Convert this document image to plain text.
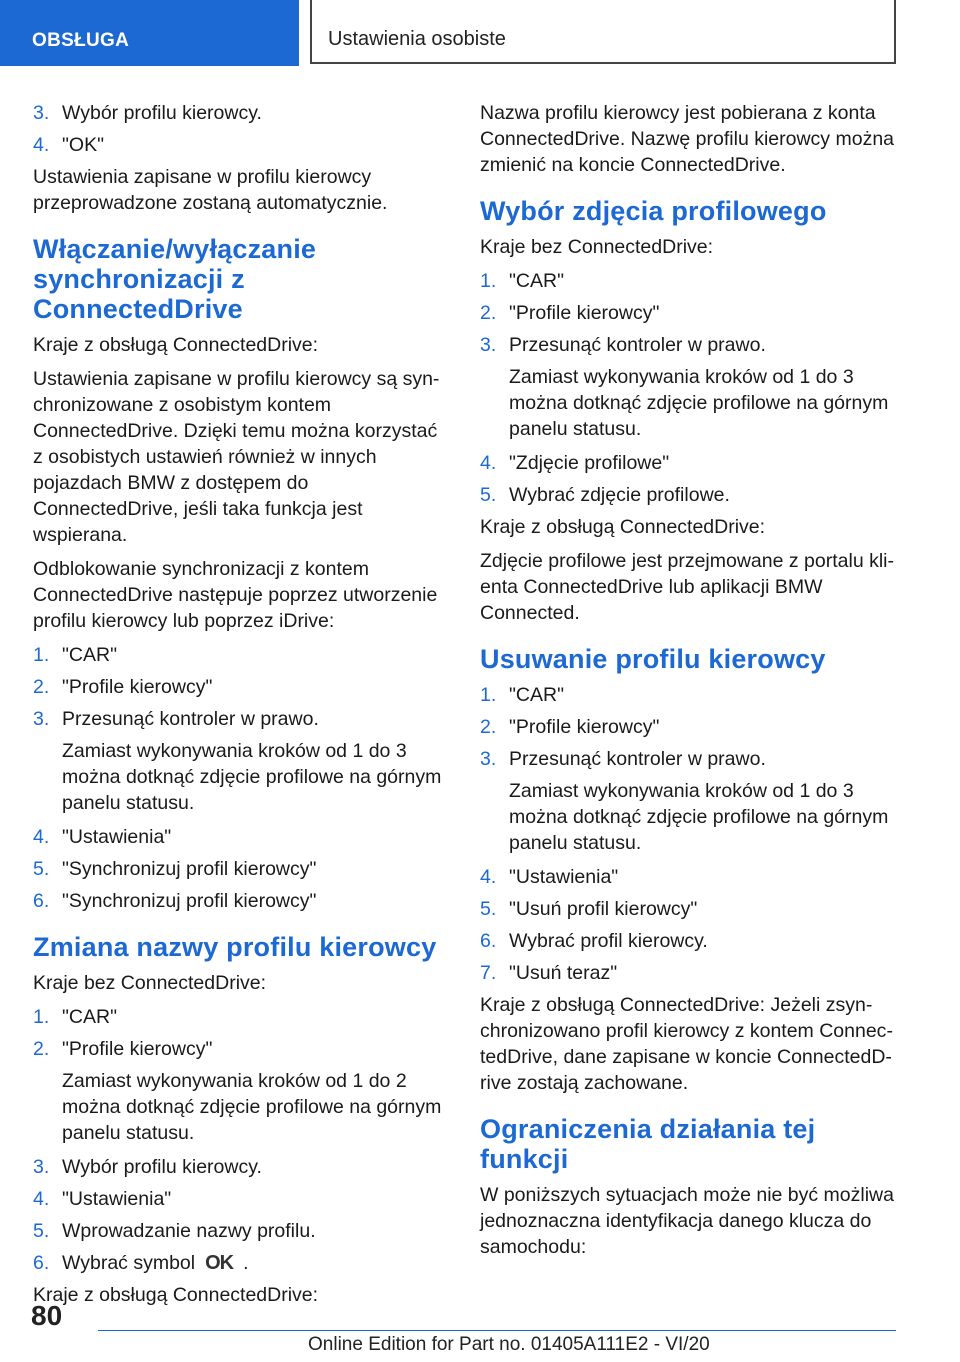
OBSŁUGA	Ustawienia osobiste
3. Wybór profilu kierowcy.
4. "OK"

Ustawienia zapisane w profilu kierowcy przeprowadzone zostaną automatycznie.

Włączanie/wyłączanie synchronizacji z ConnectedDrive

Kraje z obsługą ConnectedDrive:

Ustawienia zapisane w profilu kierowcy są synchronizowane z osobistym kontem ConnectedDrive. Dzięki temu można korzystać z osobistych ustawień również w innych pojazdach BMW z dostępem do ConnectedDrive, jeśli taka funkcja jest wspierana.

Odblokowanie synchronizacji z kontem ConnectedDrive następuje poprzez utworzenie profilu kierowcy lub poprzez iDrive:

1. "CAR"
2. "Profile kierowcy"
3. Przesunąć kontroler w prawo.

Zamiast wykonywania kroków od 1 do 3 można dotknąć zdjęcie profilowe na górnym panelu statusu.

4. "Ustawienia"
5. "Synchronizuj profil kierowcy"
6. "Synchronizuj profil kierowcy"
Zmiana nazwy profilu kierowcy

Kraje bez ConnectedDrive:

1. "CAR"
2. "Profile kierowcy"

Zamiast wykonywania kroków od 1 do 2 można dotknąć zdjęcie profilowe na górnym panelu statusu.

3. Wybór profilu kierowcy.
4. "Ustawienia"
5. Wprowadzanie nazwy profilu.
6. Wybrać symbol OK .

Kraje z obsługą ConnectedDrive:

Nazwa profilu kierowcy jest pobierana z konta ConnectedDrive. Nazwę profilu kierowcy można zmienić na koncie ConnectedDrive.

Wybór zdjęcia profilowego

Kraje bez ConnectedDrive:

1. "CAR"
2. "Profile kierowcy"
3. Przesunąć kontroler w prawo.

Zamiast wykonywania kroków od 1 do 3 można dotknąć zdjęcie profilowe na górnym panelu statusu.

4. "Zdjęcie profilowe"
5. Wybrać zdjęcie profilowe.

Kraje z obsługą ConnectedDrive:

Zdjęcie profilowe jest przejmowane z portalu klienta ConnectedDrive lub aplikacji BMW Connected.

Usuwanie profilu kierowcy
1. "CAR"
2. "Profile kierowcy"
3. Przesunąć kontroler w prawo.

Zamiast wykonywania kroków od 1 do 3 można dotknąć zdjęcie profilowe na górnym panelu statusu.

4. "Ustawienia"
5. "Usuń profil kierowcy"
6. Wybrać profil kierowcy.
7. "Usuń teraz"

Kraje z obsługą ConnectedDrive: Jeżeli zsynchronizowano profil kierowcy z kontem ConnectedDrive, dane zapisane w koncie ConnectedDrive zostają zachowane.

Ograniczenia działania tej funkcji

W poniższych sytuacjach może nie być możliwa jednoznaczna identyfikacja danego klucza do samochodu:

80
Online Edition for Part no. 01405A111E2 - VI/20
